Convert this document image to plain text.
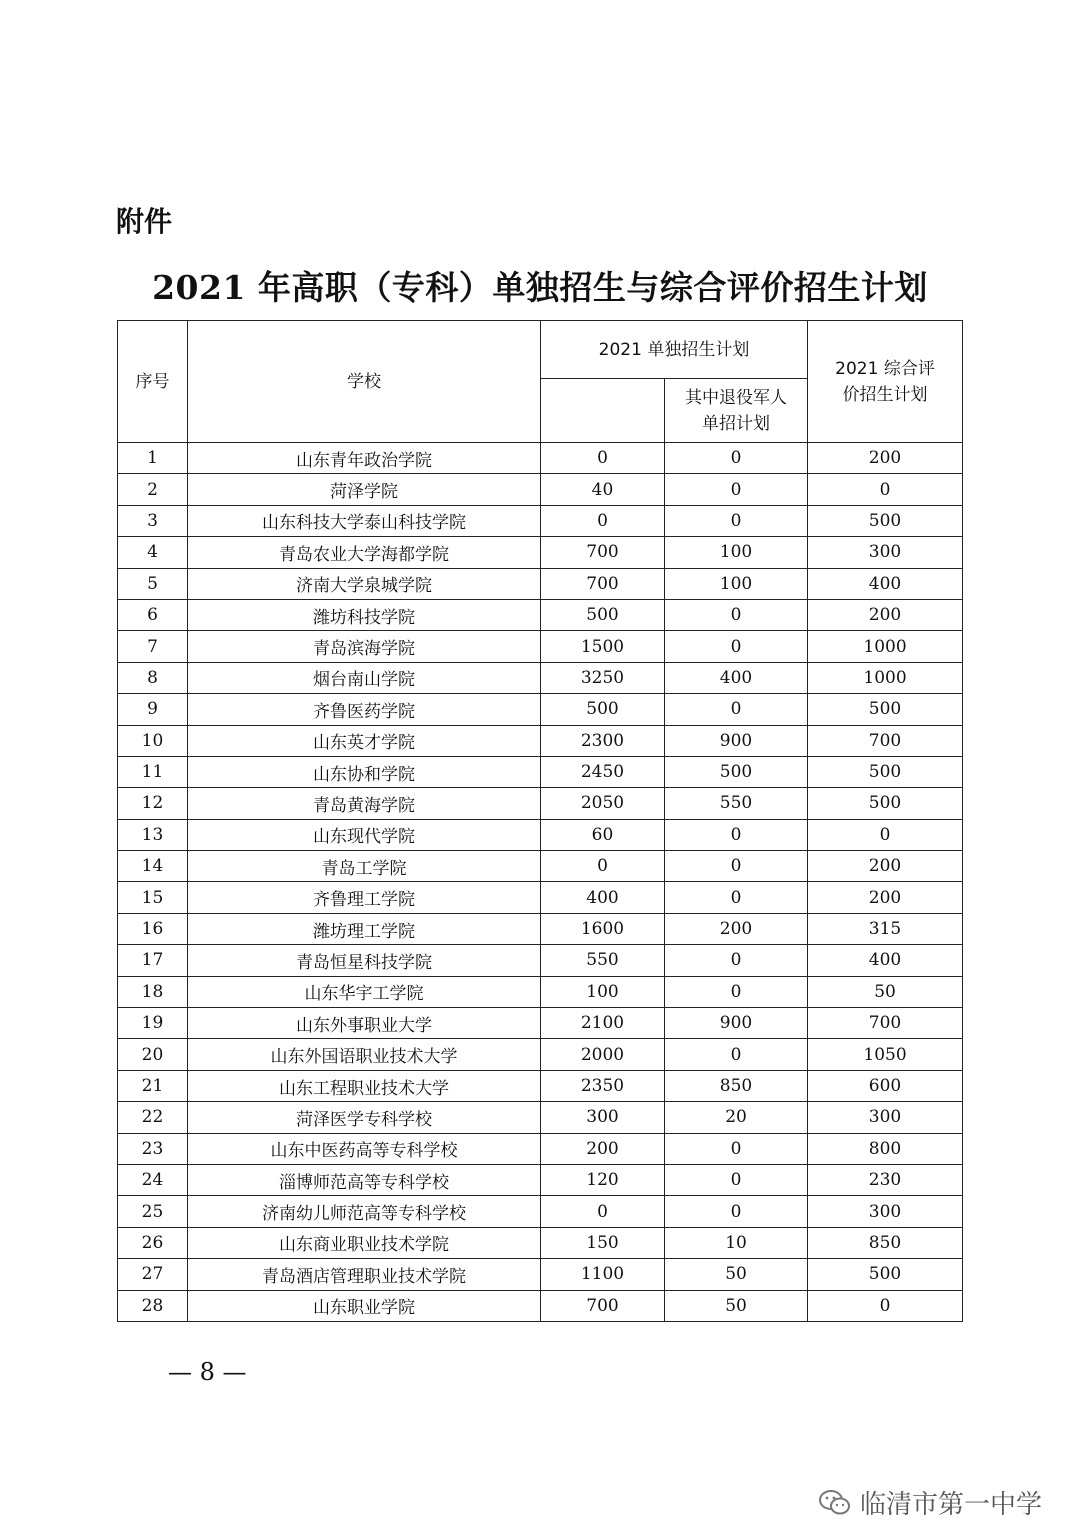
附件
2021 年高职（专科）单独招生与综合评价招生计划
序号	学校	2021 单独招生计划		2021 综合评价招生计划

			其中退役军人单招计划	

1	山东青年政治学院	0	0	200
2	菏泽学院	40	0	0
3	山东科技大学泰山科技学院	0	0	500
4	青岛农业大学海都学院	700	100	300
5	济南大学泉城学院	700	100	400
6	潍坊科技学院	500	0	200
7	青岛滨海学院	1500	0	1000
8	烟台南山学院	3250	400	1000
9	齐鲁医药学院	500	0	500
10	山东英才学院	2300	900	700
11	山东协和学院	2450	500	500
12	青岛黄海学院	2050	550	500
13	山东现代学院	60	0	0
14	青岛工学院	0	0	200
15	齐鲁理工学院	400	0	200
16	潍坊理工学院	1600	200	315
17	青岛恒星科技学院	550	0	400
18	山东华宇工学院	100	0	50
19	山东外事职业大学	2100	900	700
20	山东外国语职业技术大学	2000	0	1050
21	山东工程职业技术大学	2350	850	600
22	菏泽医学专科学校	300	20	300
23	山东中医药高等专科学校	200	0	800
24	淄博师范高等专科学校	120	0	230
25	济南幼儿师范高等专科学校	0	0	300
26	山东商业职业技术学院	150	10	850
27	青岛酒店管理职业技术学院	1100	50	500
28	山东职业学院	700	50	0
— 8 —
临清市第一中学
